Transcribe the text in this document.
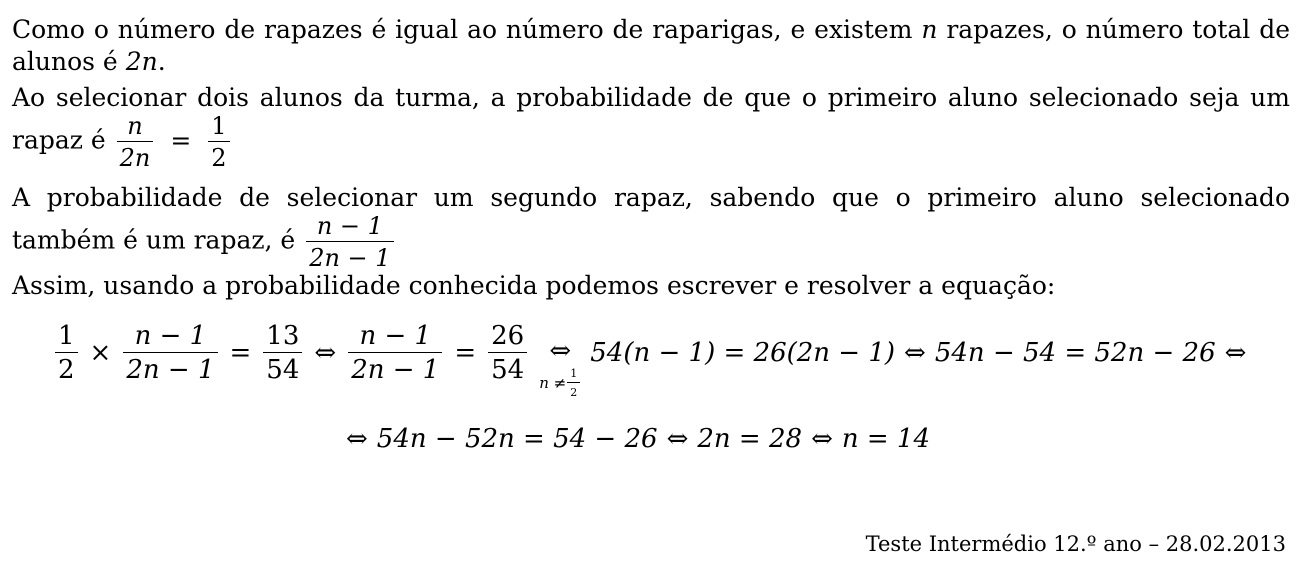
Como o número de rapazes é igual ao número de raparigas, e existem n rapazes, o número total de alunos é 2n.
Ao selecionar dois alunos da turma, a probabilidade de que o primeiro aluno selecionado seja um rapaz é $\frac{n}{2n} = \frac{1}{2}$
A probabilidade de selecionar um segundo rapaz, sabendo que o primeiro aluno selecionado também é um rapaz, é $\frac{n - 1}{2n - 1}$
Assim, usando a probabilidade conhecida podemos escrever e resolver a equação:
$\frac{1}{2} \times \frac{n - 1}{2n - 1} = \frac{13}{54}$ ⇔ $\frac{n - 1}{2n - 1} = \frac{26}{54}$ ⇔
$n \ne \frac{1}{2}$
54(n − 1) = 26(2n − 1) ⇔ 54n − 54 = 52n − 26 ⇔
⇔ 54n − 52n = 54 − 26 ⇔ 2n = 28 ⇔ n = 14
Teste Intermédio 12.º ano – 28.02.2013
